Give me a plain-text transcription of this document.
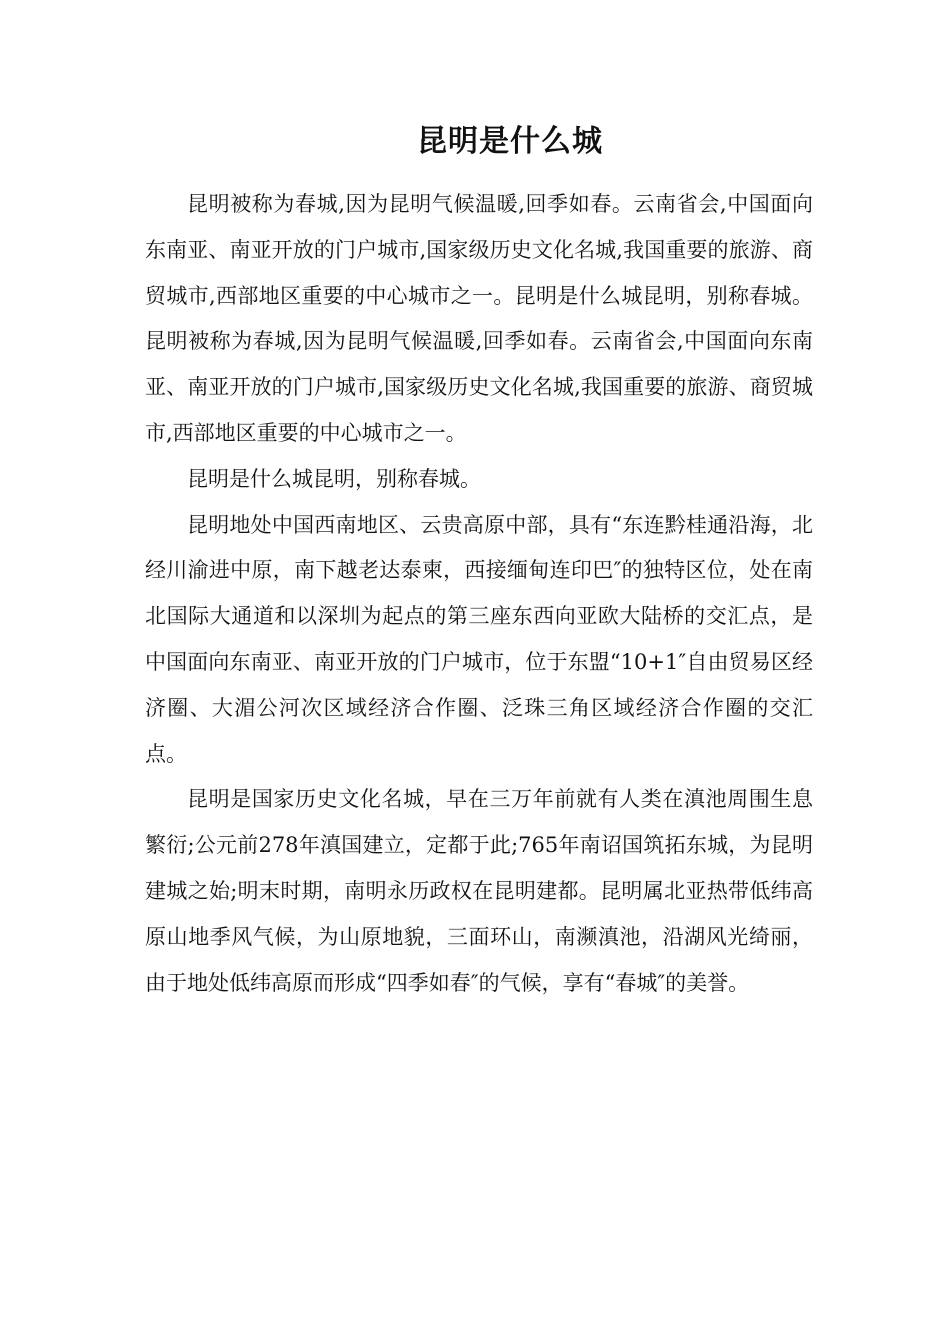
昆明是什么城

昆明被称为春城,因为昆明气候温暖,回季如春。云南省会,中国面向东南亚、南亚开放的门户城市,国家级历史文化名城,我国重要的旅游、商贸城市,西部地区重要的中心城市之一。昆明是什么城昆明，别称春城。昆明被称为春城,因为昆明气候温暖,回季如春。云南省会,中国面向东南亚、南亚开放的门户城市,国家级历史文化名城,我国重要的旅游、商贸城市,西部地区重要的中心城市之一。

昆明是什么城昆明，别称春城。

昆明地处中国西南地区、云贵高原中部，具有“东连黔桂通沿海，北经川渝进中原，南下越老达泰柬，西接缅甸连印巴″的独特区位，处在南北国际大通道和以深圳为起点的第三座东西向亚欧大陆桥的交汇点，是中国面向东南亚、南亚开放的门户城市，位于东盟“10+1″自由贸易区经济圈、大湄公河次区域经济合作圈、泛珠三角区域经济合作圈的交汇点。

昆明是国家历史文化名城，早在三万年前就有人类在滇池周围生息繁衍;公元前278年滇国建立，定都于此;765年南诏国筑拓东城，为昆明建城之始;明末时期，南明永历政权在昆明建都。昆明属北亚热带低纬高原山地季风气候，为山原地貌，三面环山，南濒滇池，沿湖风光绮丽，由于地处低纬高原而形成“四季如春″的气候，享有“春城″的美誉。
